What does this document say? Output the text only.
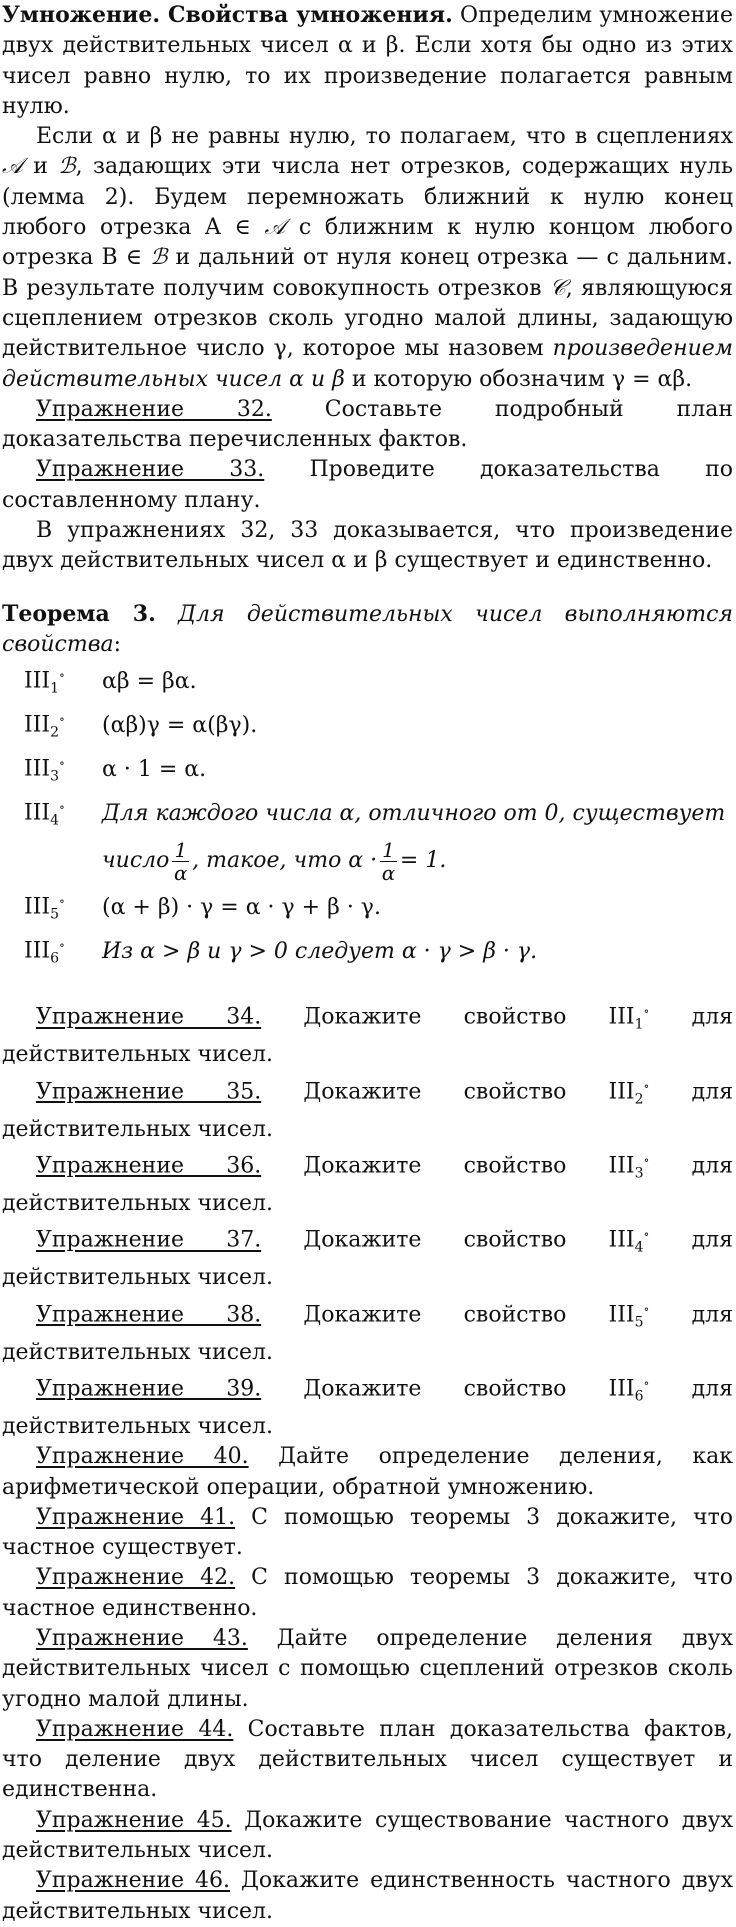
Умножение. Свойства умножения. Определим умножение двух действительных чисел α и β. Если хотя бы одно из этих чисел равно нулю, то их произведение полагается равным нулю.

Если α и β не равны нулю, то полагаем, что в сцеплениях 𝒜 и ℬ, задающих эти числа нет отрезков, содержащих нуль (лемма 2). Будем перемножать ближний к нулю конец любого отрезка A ∈ 𝒜 с ближним к нулю концом любого отрезка B ∈ ℬ и дальний от нуля конец отрезка — с дальним. В результате получим совокупность отрезков 𝒞, являющуюся сцеплением отрезков сколь угодно малой длины, задающую действительное число γ, которое мы назовем произведением действительных чисел α и β и которую обозначим γ = αβ.

Упражнение 32. Составьте подробный план доказательства перечисленных фактов.

Упражнение 33. Проведите доказательства по составленному плану.

В упражнениях 32, 33 доказывается, что произведение двух действительных чисел α и β существует и единственно.

Теорема 3. Для действительных чисел выполняются свойства:

$III_1^\circ$	αβ = βα.
$III_2^\circ$	(αβ)γ = α(βγ).
$III_3^\circ$	α · 1 = α.
$III_4^\circ$	Для каждого числа α, отличного от 0, существует
число $\frac{1}{\alpha}$ , такое, что $\alpha \cdot \frac{1}{\alpha} = 1$.
$III_5^\circ$	(α + β) · γ = α · γ + β · γ.
$III_6^\circ$	Из α > β и γ > 0 следует α · γ > β · γ.

Упражнение 34. Докажите свойство $III_1^\circ$ для действительных чисел.

Упражнение 35. Докажите свойство $III_2^\circ$ для действительных чисел.

Упражнение 36. Докажите свойство $III_3^\circ$ для действительных чисел.

Упражнение 37. Докажите свойство $III_4^\circ$ для действительных чисел.

Упражнение 38. Докажите свойство $III_5^\circ$ для действительных чисел.

Упражнение 39. Докажите свойство $III_6^\circ$ для действительных чисел.

Упражнение 40. Дайте определение деления, как арифметической операции, обратной умножению.

Упражнение 41. С помощью теоремы 3 докажите, что частное существует.

Упражнение 42. С помощью теоремы 3 докажите, что частное единственно.

Упражнение 43. Дайте определение деления двух действительных чисел с помощью сцеплений отрезков сколь угодно малой длины.

Упражнение 44. Составьте план доказательства фактов, что деление двух действительных чисел существует и единственна.

Упражнение 45. Докажите существование частного двух действительных чисел.

Упражнение 46. Докажите единственность частного двух действительных чисел.
